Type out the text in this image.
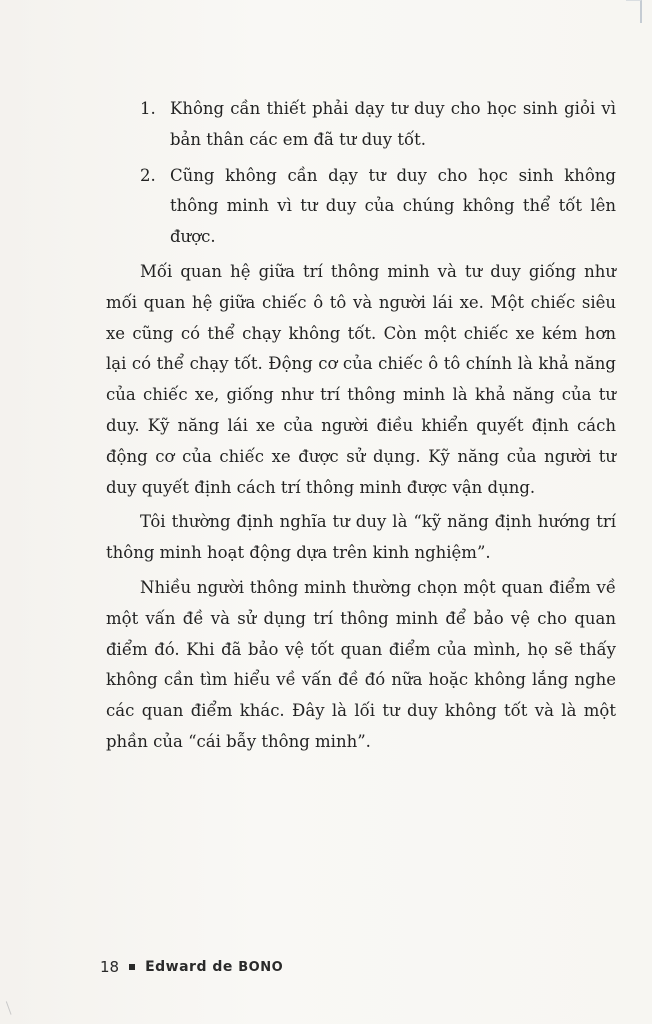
1. Không cần thiết phải dạy tư duy cho học sinh giỏi vì bản thân các em đã tư duy tốt.
2. Cũng không cần dạy tư duy cho học sinh không thông minh vì tư duy của chúng không thể tốt lên được.

Mối quan hệ giữa trí thông minh và tư duy giống như mối quan hệ giữa chiếc ô tô và người lái xe. Một chiếc siêu xe cũng có thể chạy không tốt. Còn một chiếc xe kém hơn lại có thể chạy tốt. Động cơ của chiếc ô tô chính là khả năng của chiếc xe, giống như trí thông minh là khả năng của tư duy. Kỹ năng lái xe của người điều khiển quyết định cách động cơ của chiếc xe được sử dụng. Kỹ năng của người tư duy quyết định cách trí thông minh được vận dụng.

Tôi thường định nghĩa tư duy là “kỹ năng định hướng trí thông minh hoạt động dựa trên kinh nghiệm”.

Nhiều người thông minh thường chọn một quan điểm về một vấn đề và sử dụng trí thông minh để bảo vệ cho quan điểm đó. Khi đã bảo vệ tốt quan điểm của mình, họ sẽ thấy không cần tìm hiểu về vấn đề đó nữa hoặc không lắng nghe các quan điểm khác. Đây là lối tư duy không tốt và là một phần của “cái bẫy thông minh”.

18 Edward de BONO
